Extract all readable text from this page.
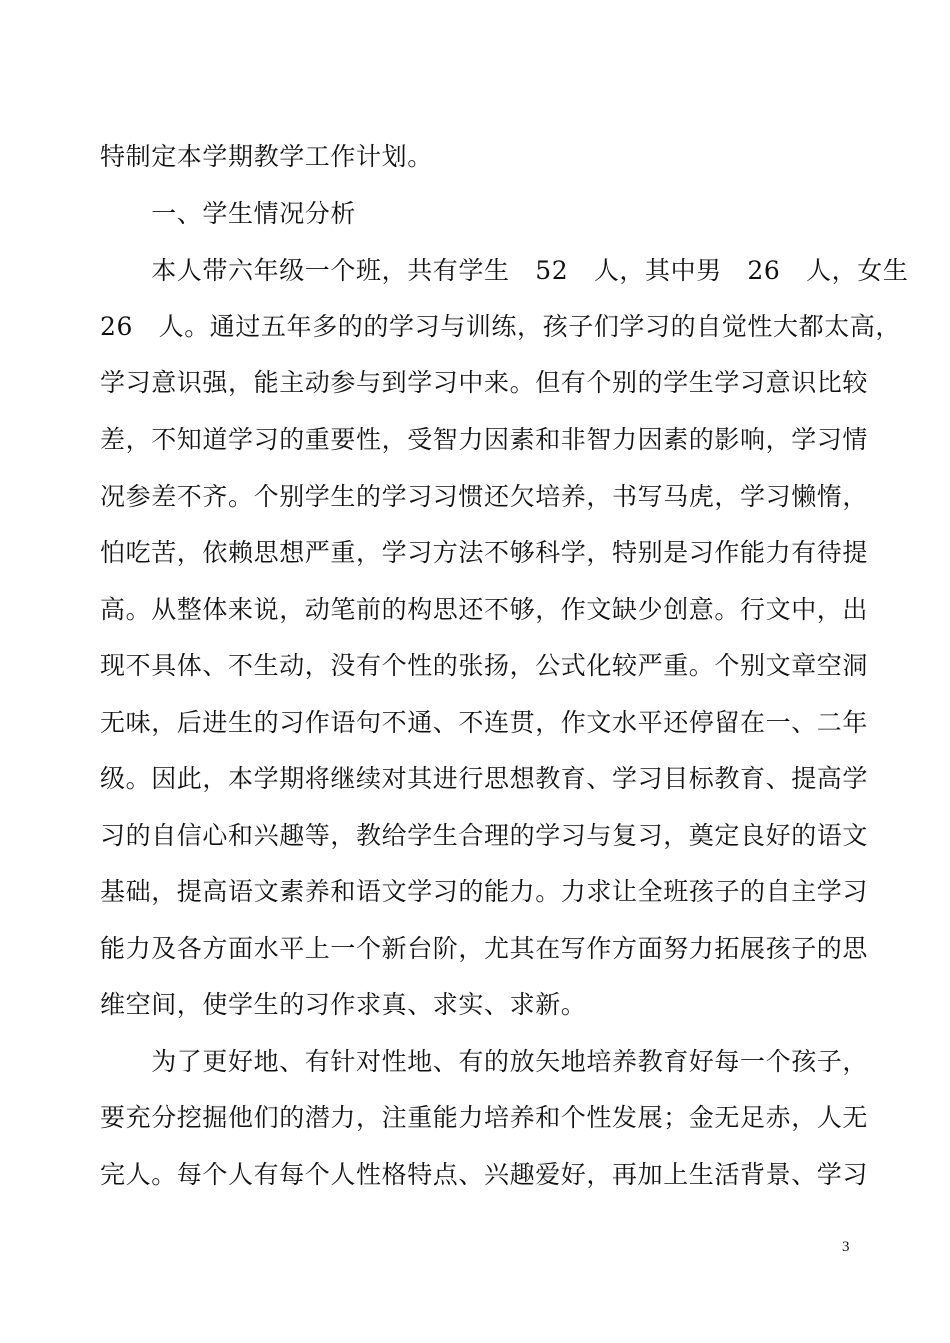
特制定本学期教学工作计划。
　　一、学生情况分析
　　本人带六年级一个班，共有学生　52　人，其中男　26　人，女生
26　人。通过五年多的的学习与训练，孩子们学习的自觉性大都太高，
学习意识强，能主动参与到学习中来。但有个别的学生学习意识比较
差，不知道学习的重要性，受智力因素和非智力因素的影响，学习情
况参差不齐。个别学生的学习习惯还欠培养，书写马虎，学习懒惰，
怕吃苦，依赖思想严重，学习方法不够科学，特别是习作能力有待提
高。从整体来说，动笔前的构思还不够，作文缺少创意。行文中，出
现不具体、不生动，没有个性的张扬，公式化较严重。个别文章空洞
无味，后进生的习作语句不通、不连贯，作文水平还停留在一、二年
级。因此，本学期将继续对其进行思想教育、学习目标教育、提高学
习的自信心和兴趣等，教给学生合理的学习与复习，奠定良好的语文
基础，提高语文素养和语文学习的能力。力求让全班孩子的自主学习
能力及各方面水平上一个新台阶，尤其在写作方面努力拓展孩子的思
维空间，使学生的习作求真、求实、求新。
　　为了更好地、有针对性地、有的放矢地培养教育好每一个孩子，
要充分挖掘他们的潜力，注重能力培养和个性发展；金无足赤，人无
完人。每个人有每个人性格特点、兴趣爱好，再加上生活背景、学习
3
